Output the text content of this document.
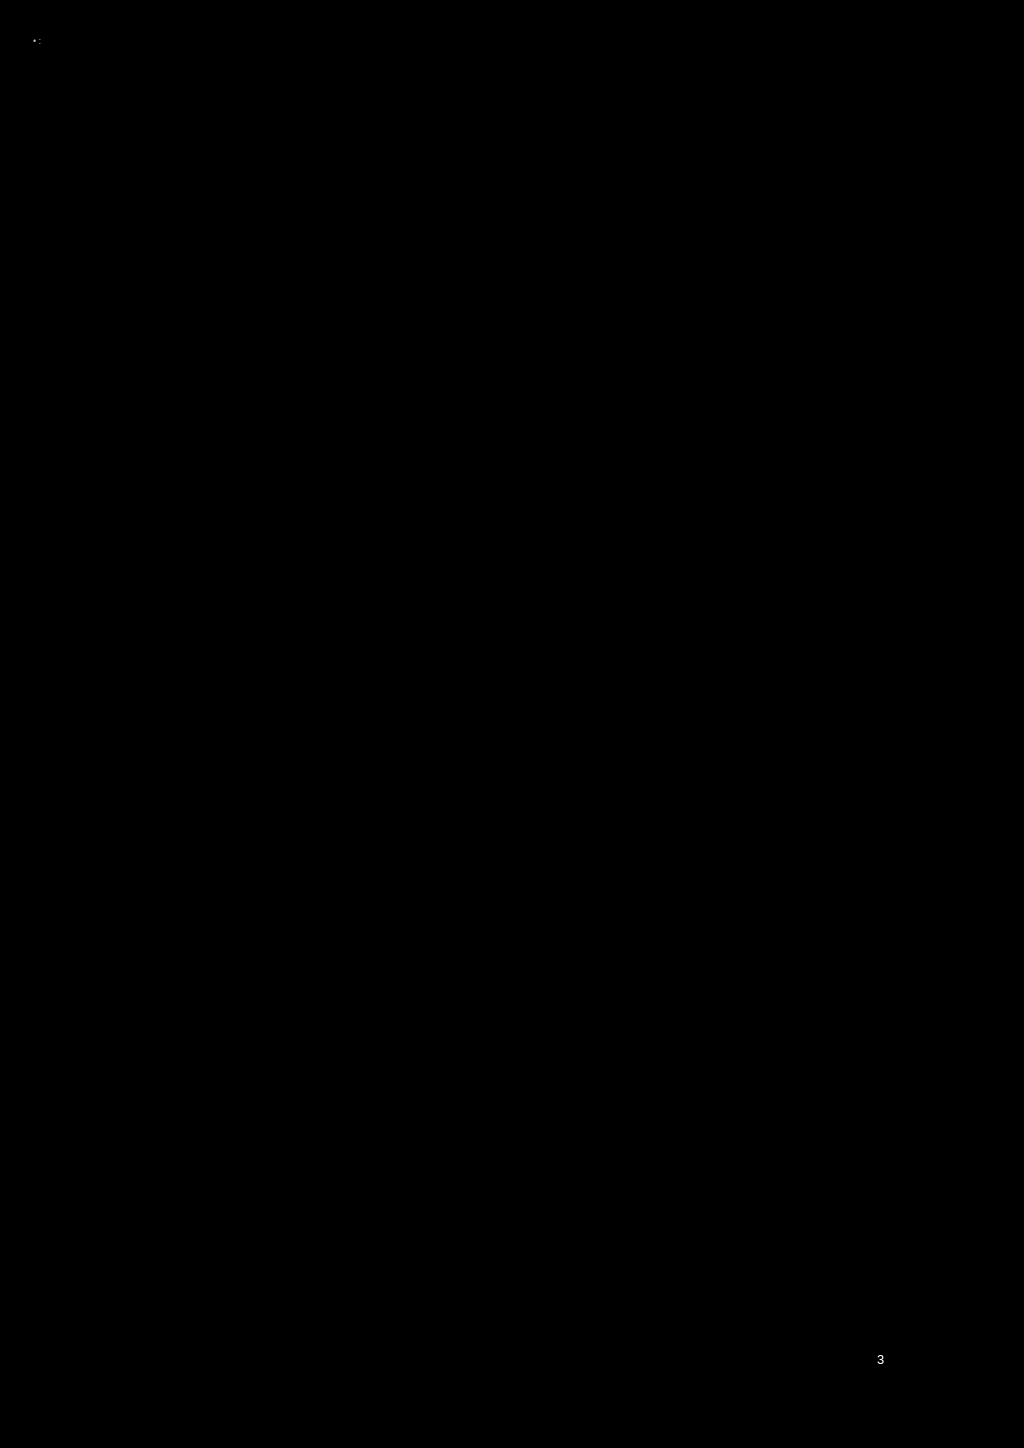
• :
Dział Rozdz.	§	Wyszczególnienie	Zmniejszenie	Zwiększenie
758		RÓŻNE ROZLICZENIA	0,00	1 822 638,00
75814		RÓŻNE ROZLICZENIA FINANSOWE	0,00	1 822 638,00
	6680	WPŁATA ŚRODKÓW FINANSOWYCH Z NIEWYKORZYSTANYCH W TERMINIE WYDATKÓW, KTÓRE NIE WYGASAJĄ Z UPŁYWEM ROKU BUDŻETOWEGO	0,00	1 822 638,00
801		OŚWIATA I WYCHOWANIE	0,00	3 752 287,00
80103		ODDZIAŁY PRZEDSZKOLNE W SZKOŁACH PODSTAWOWYCH	0,00	23 290,00
	2030	DOTACJE CELOWE OTRZYMANE Z BUDŻETU PAŃSTWA NA REALIZACJĘ WŁASNYCH ZADAŃ BIEŻĄCYCH GMIN (ZWIĄZKÓW GMIN, ZWIĄZKÓW POWIATOWO-GMINNYCH)	0,00	23 290,00
80104		PRZEDSZKOLA	0,00	2 057 740,00
	2030	DOTACJE CELOWE OTRZYMANE Z BUDŻETU PAŃSTWA NA REALIZACJĘ WŁASNYCH ZADAŃ BIEŻĄCYCH GMIN (ZWIĄZKÓW GMIN, ZWIĄZKÓW POWIATOWO-GMINNYCH)	0,00	2 057 740,00
80105		PRZEDSZKOLA SPECJALNE	0,00	32 880,00
	2030	DOTACJE CELOWE OTRZYMANE Z BUDŻETU PAŃSTWA NA REALIZACJĘ WŁASNYCH ZADAŃ BIEŻĄCYCH GMIN (ZWIĄZKÓW GMIN, ZWIĄZKÓW POWIATOWO-GMINNYCH)	0,00	32 880,00
80106		INNE FORMY WYCHOWANIA PRZEDSZKOLNEGO	0,00	13 700,00
	2030	DOTACJE CELOWE OTRZYMANE Z BUDŻETU PAŃSTWA NA REALIZACJĘ WŁASNYCH ZADAŃ BIEŻĄCYCH GMIN (ZWIĄZKÓW GMIN, ZWIĄZKÓW POWIATOWO-GMINNYCH)	0,00	13 700,00
80149		REALIZACJA ZADAŃ WYMAGAJĄCYCH STOSOWANIA SPECJALNEJ ORGANIZACJI NAUKI I METOD PRACY DLA DZIECI W PRZEDSZKOLACH , ODDZIALACH PRZEDSZKOLNYCH W SZKOLACH PODSTAWOWYCH I INNYCH FORMACH WYCHOWANIA PRZEDSZKOLNEGO	0,00	154 810,00
	2030	DOTACJE CELOWE OTRZYMANE Z BUDŻETU PAŃSTWA NA REALIZACJĘ WŁASNYCH ZADAŃ BIEŻĄCYCH GMIN (ZWIĄZKÓW GMIN, ZWIĄZKÓW POWIATOWO-GMINNYCH)	0,00	154 810,00
80195		POZOSTAŁA DZIAŁALNOŚĆ	0,00	1 469 867,00
	2057	DOTACJE CELOWE W RAMACH PROGRAMÓW FINANSOWANYCH Z UDZIAŁEM ŚRODKÓW EUROPEJSKICH ORAZ ŚRODKÓW, O KTÓRYCH MOWA W ART. 5 UST. 3 PKT 5 LIT. A I B USTAWY, LUB PŁATNOŚCI W RAMACH BUDŻETU ŚRODKÓW EUROPEJSKICH REALIZOWANYCH PRZEZ JEDNOSTKI SAMORZĄDU TERYTORIALNEGO	0,00	1 460 011,00
3
